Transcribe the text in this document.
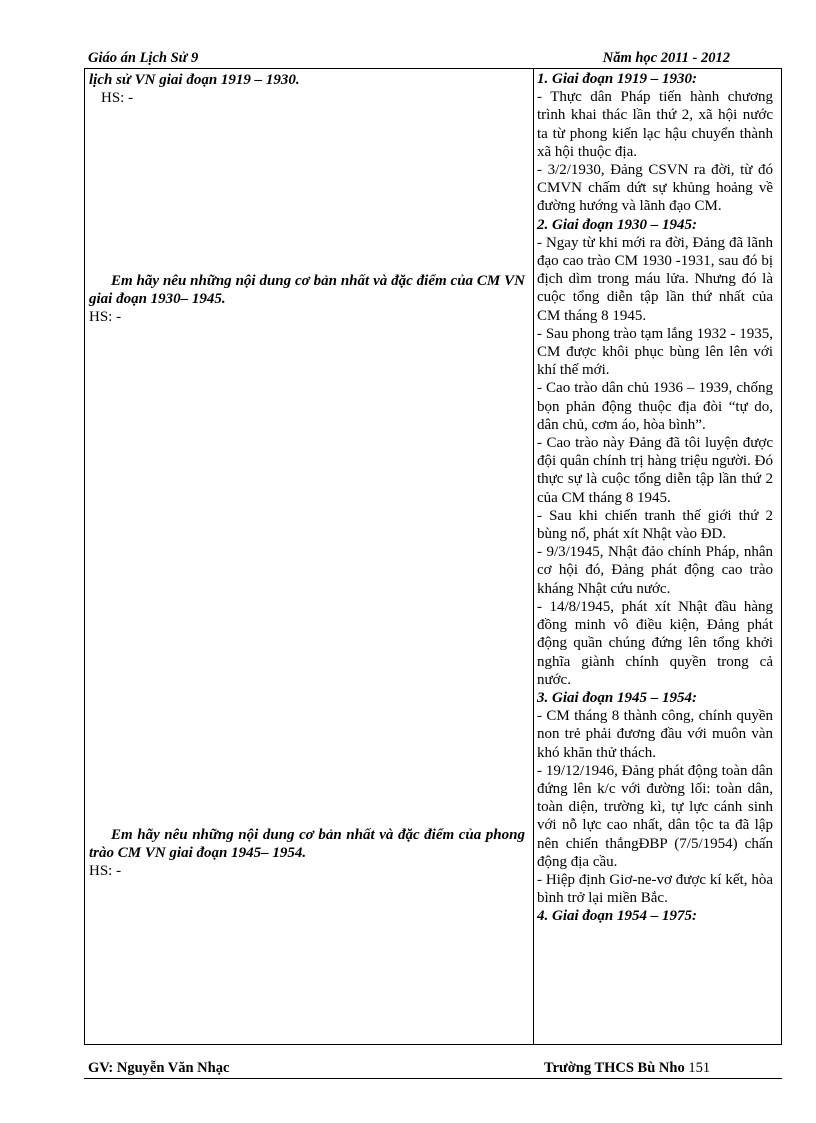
Giáo án Lịch Sử 9	Năm học 2011 - 2012
lịch sử VN giai đoạn 1919 – 1930.
HS: -
Em hãy nêu những nội dung cơ bản nhất và đặc điểm của CM VN giai đoạn 1930– 1945.
HS: -
Em hãy nêu những nội dung cơ bản nhất và đặc điểm của phong trào CM VN giai đoạn 1945– 1954.
HS: -

1. Giai đoạn 1919 – 1930:

- Thực dân Pháp tiến hành chương trình khai thác lần thứ 2, xã hội nước ta từ phong kiến lạc hậu chuyển thành xã hội thuộc địa.

- 3/2/1930, Đảng CSVN ra đời, từ đó CMVN chấm dứt sự khủng hoảng về đường hướng và lãnh đạo CM.

2. Giai đoạn 1930 – 1945:

- Ngay từ khi mới ra đời, Đảng đã lãnh đạo cao trào CM 1930 -1931, sau đó bị địch dìm trong máu lửa. Nhưng đó là cuộc tổng diễn tập lần thứ nhất của CM tháng 8 1945.

- Sau phong trào tạm lắng 1932 - 1935, CM được khôi phục bùng lên lên với khí thế mới.

- Cao trào dân chủ 1936 – 1939, chống bọn phản động thuộc địa đòi “tự do, dân chủ, cơm áo, hòa bình”.

- Cao trào này Đảng đã tôi luyện được đội quân chính trị hàng triệu người. Đó thực sự là cuộc tổng diễn tập lần thứ 2 của CM tháng 8 1945.

- Sau khi chiến tranh thế giới thứ 2 bùng nổ, phát xít Nhật vào ĐD.

- 9/3/1945, Nhật đảo chính Pháp, nhân cơ hội đó, Đảng phát động cao trào kháng Nhật cứu nước.

- 14/8/1945, phát xít Nhật đầu hàng đồng minh vô điều kiện, Đảng phát động quần chúng đứng lên tổng khởi nghĩa giành chính quyền trong cả nước.

3. Giai đoạn 1945 – 1954:

- CM tháng 8 thành công, chính quyền non trẻ phải đương đầu với muôn vàn khó khăn thử thách.

- 19/12/1946, Đảng phát động toàn dân đứng lên k/c với đường lối: toàn dân, toàn diện, trường kì, tự lực cánh sinh với nỗ lực cao nhất, dân tộc ta đã lập nên chiến thắngĐBP (7/5/1954) chấn động địa cầu.

- Hiệp định Giơ-ne-vơ được kí kết, hòa bình trở lại miền Bắc.

4. Giai đoạn 1954 – 1975:

GV: Nguyễn Văn Nhạc	Trường THCS Bù Nho 151
